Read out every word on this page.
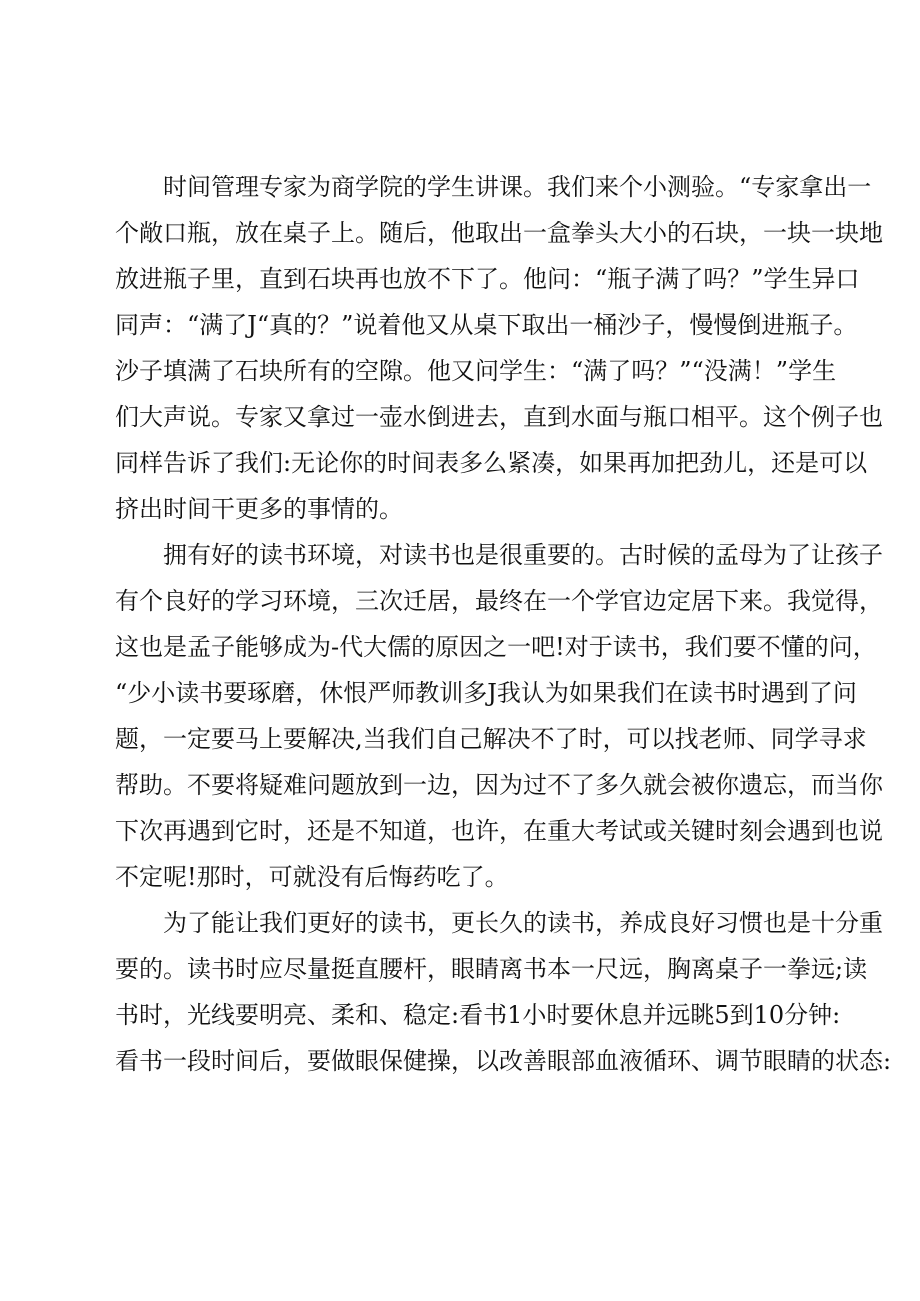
时间管理专家为商学院的学生讲课。我们来个小测验。“专家拿出一
个敞口瓶，放在桌子上。随后，他取出一盒拳头大小的石块，一块一块地
放进瓶子里，直到石块再也放不下了。他问：“瓶子满了吗？”学生异口
同声：“满了J“真的？”说着他又从桌下取出一桶沙子，慢慢倒进瓶子。
沙子填满了石块所有的空隙。他又问学生：“满了吗？”“没满！”学生
们大声说。专家又拿过一壶水倒进去，直到水面与瓶口相平。这个例子也
同样告诉了我们:无论你的时间表多么紧凑，如果再加把劲儿，还是可以
挤出时间干更多的事情的。
拥有好的读书环境，对读书也是很重要的。古时候的孟母为了让孩子
有个良好的学习环境，三次迁居，最终在一个学官边定居下来。我觉得，
这也是孟子能够成为-代大儒的原因之一吧!对于读书，我们要不懂的问，
“少小读书要琢磨，休恨严师教训多J我认为如果我们在读书时遇到了问
题，一定要马上要解决,当我们自己解决不了时，可以找老师、同学寻求
帮助。不要将疑难问题放到一边，因为过不了多久就会被你遗忘，而当你
下次再遇到它时，还是不知道，也许，在重大考试或关键时刻会遇到也说
不定呢!那时，可就没有后悔药吃了。
为了能让我们更好的读书，更长久的读书，养成良好习惯也是十分重
要的。读书时应尽量挺直腰杆，眼睛离书本一尺远，胸离桌子一拳远;读
书时，光线要明亮、柔和、稳定:看书1小时要休息并远眺5到10分钟:
看书一段时间后，要做眼保健操，以改善眼部血液循环、调节眼睛的状态:
